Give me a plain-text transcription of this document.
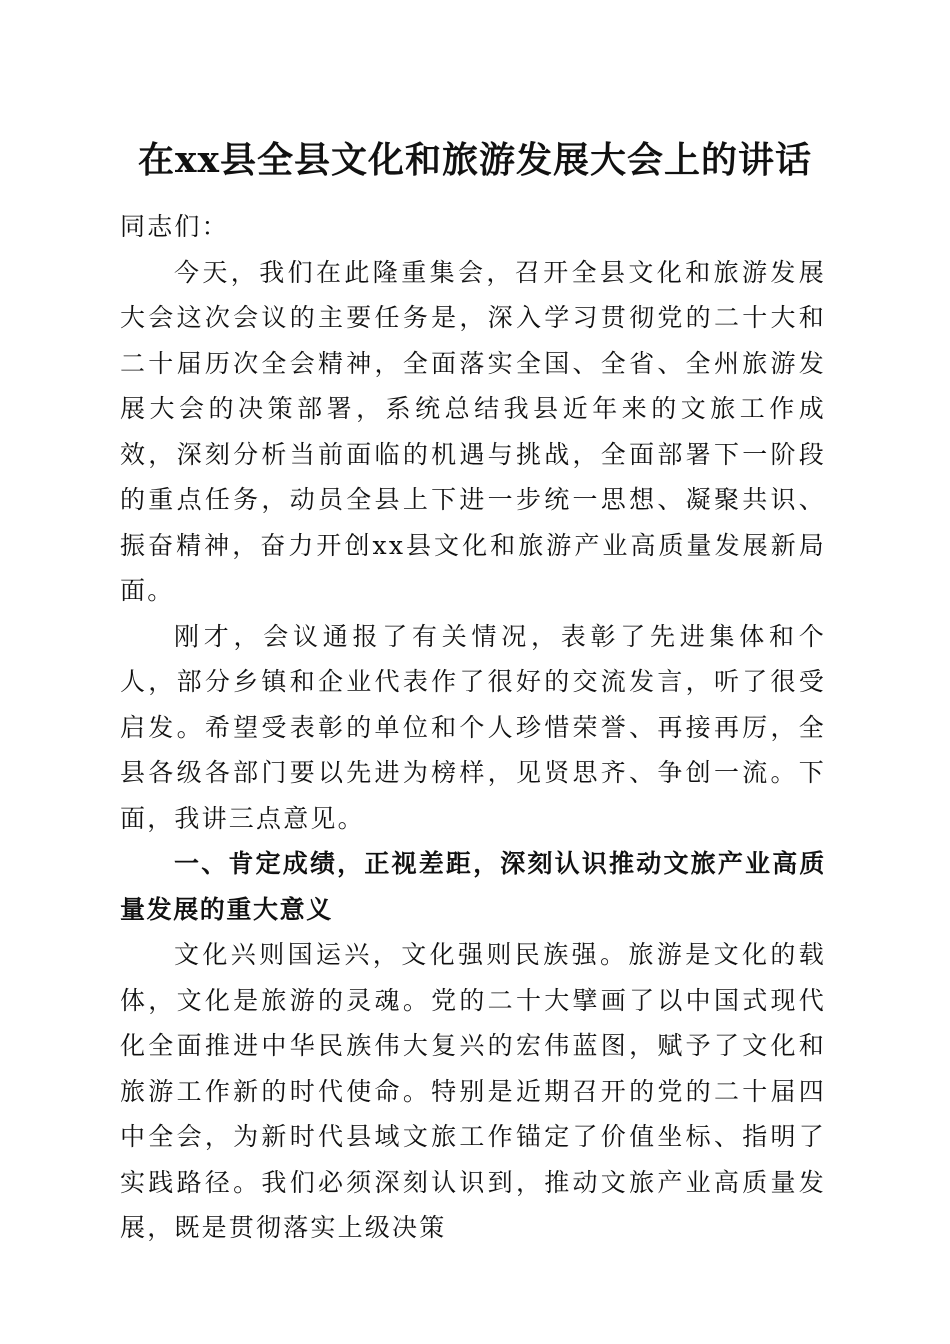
在xx县全县文化和旅游发展大会上的讲话

同志们：

今天，我们在此隆重集会，召开全县文化和旅游发展大会这次会议的主要任务是，深入学习贯彻党的二十大和二十届历次全会精神，全面落实全国、全省、全州旅游发展大会的决策部署，系统总结我县近年来的文旅工作成效，深刻分析当前面临的机遇与挑战，全面部署下一阶段的重点任务，动员全县上下进一步统一思想、凝聚共识、振奋精神，奋力开创xx县文化和旅游产业高质量发展新局面。

刚才，会议通报了有关情况，表彰了先进集体和个人，部分乡镇和企业代表作了很好的交流发言，听了很受启发。希望受表彰的单位和个人珍惜荣誉、再接再厉，全县各级各部门要以先进为榜样，见贤思齐、争创一流。下面，我讲三点意见。

一、肯定成绩，正视差距，深刻认识推动文旅产业高质量发展的重大意义

文化兴则国运兴，文化强则民族强。旅游是文化的载体，文化是旅游的灵魂。党的二十大擘画了以中国式现代化全面推进中华民族伟大复兴的宏伟蓝图，赋予了文化和旅游工作新的时代使命。特别是近期召开的党的二十届四中全会，为新时代县域文旅工作锚定了价值坐标、指明了实践路径。我们必须深刻认识到，推动文旅产业高质量发展，既是贯彻落实上级决策
